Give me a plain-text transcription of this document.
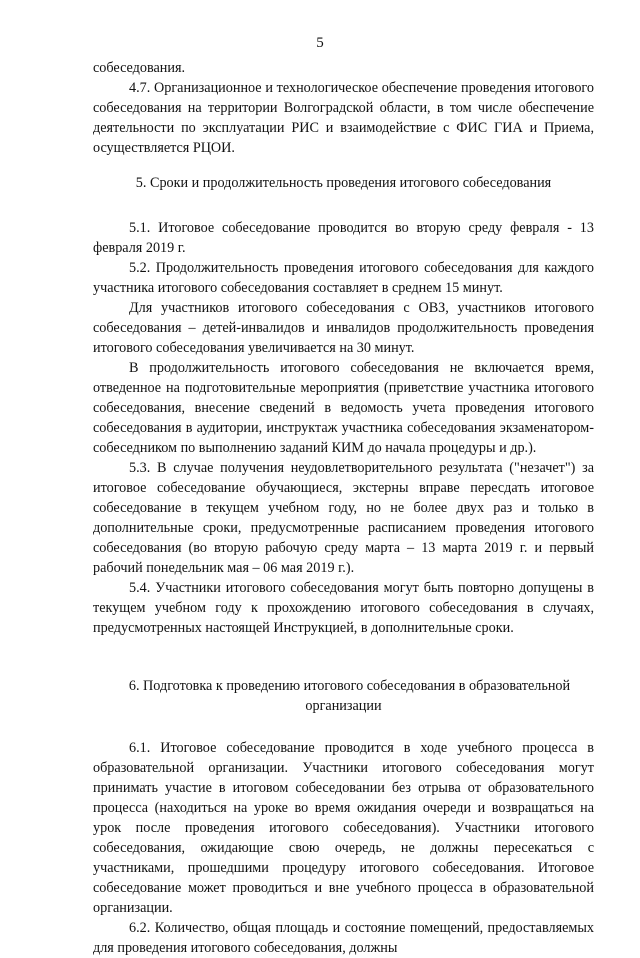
5

собеседования.

4.7. Организационное и технологическое обеспечение проведения итогового собеседования на территории Волгоградской области, в том числе обеспечение деятельности по эксплуатации РИС и взаимодействие с ФИС ГИА и Приема, осуществляется РЦОИ.

5. Сроки и продолжительность проведения итогового собеседования

5.1. Итоговое собеседование проводится во вторую среду февраля - 13 февраля 2019 г.

5.2. Продолжительность проведения итогового собеседования для каждого участника итогового собеседования составляет в среднем 15 минут.

Для участников итогового собеседования с ОВЗ, участников итогового собеседования – детей-инвалидов и инвалидов продолжительность проведения итогового собеседования увеличивается на 30 минут.

В продолжительность итогового собеседования не включается время, отведенное на подготовительные мероприятия (приветствие участника итогового собеседования, внесение сведений в ведомость учета проведения итогового собеседования в аудитории, инструктаж участника собеседования экзаменатором-собеседником по выполнению заданий КИМ до начала процедуры и др.).

5.3. В случае получения неудовлетворительного результата ("незачет") за итоговое собеседование обучающиеся, экстерны вправе пересдать итоговое собеседование в текущем учебном году, но не более двух раз и только в дополнительные сроки, предусмотренные расписанием проведения итогового собеседования (во вторую рабочую среду марта – 13 марта 2019 г. и первый рабочий понедельник мая – 06 мая 2019 г.).

5.4. Участники итогового собеседования могут быть повторно допущены в текущем учебном году к прохождению итогового собеседования в случаях, предусмотренных настоящей Инструкцией, в дополнительные сроки.

6. Подготовка к проведению итогового собеседования в образовательной
организации

6.1. Итоговое собеседование проводится в ходе учебного процесса в образовательной организации. Участники итогового собеседования могут принимать участие в итоговом собеседовании без отрыва от образовательного процесса (находиться на уроке во время ожидания очереди и возвращаться на урок после проведения итогового собеседования). Участники итогового собеседования, ожидающие свою очередь, не должны пересекаться с участниками, прошедшими процедуру итогового собеседования. Итоговое собеседование может проводиться и вне учебного процесса в образовательной организации.

6.2. Количество, общая площадь и состояние помещений, предоставляемых для проведения итогового собеседования, должны
